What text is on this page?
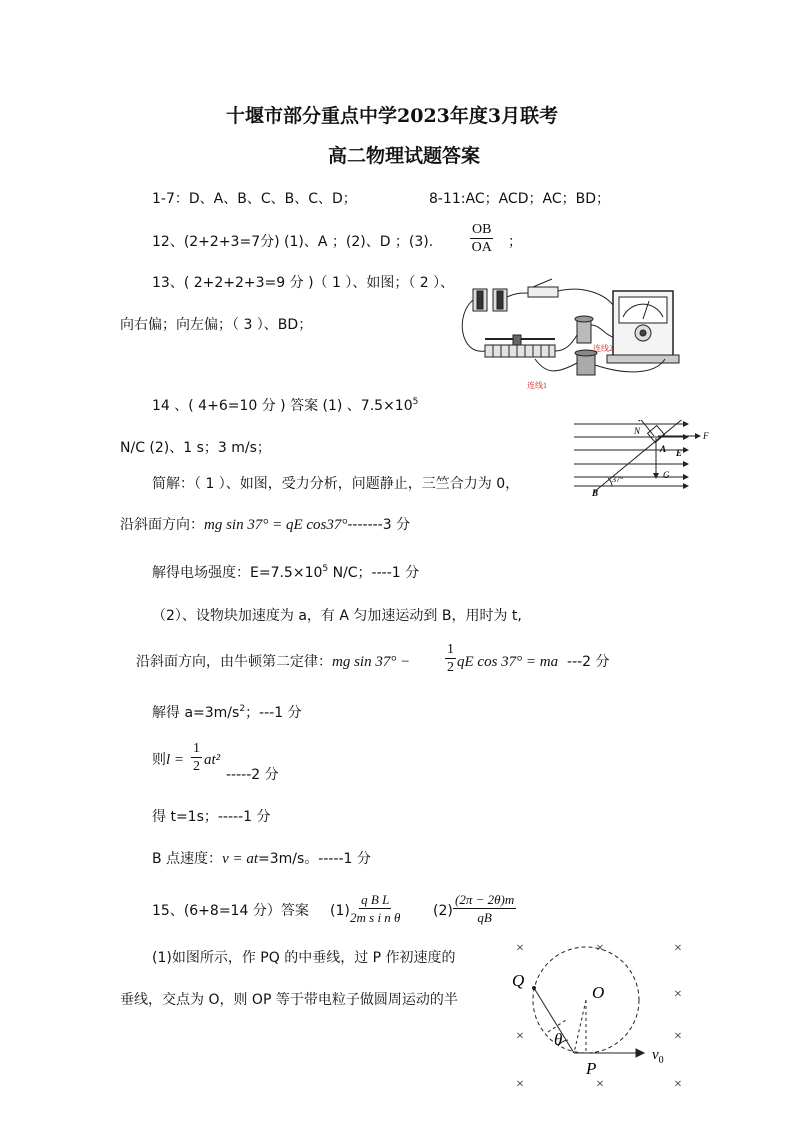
十堰市部分重点中学2023年度3月联考
高二物理试题答案
1-7：D、A、B、C、B、C、D；	8-11:AC；ACD；AC；BD；
12、(2+2+3=7分) (1)、A ；(2)、D ；(3).	$\frac{OB}{OA}$ ；
13、( 2+2+2+3=9 分 )（ 1 ）、如图；（ 2 ）、
向右偏；向左偏；（ 3 ）、BD；
连线2
连线1
14 、( 4+6=10 分 ) 答案 (1) 、$7.5\times 10^5$
N/C (2)、1 s；3 m/s；
简解：（ 1 ）、如图，受力分析，问题静止，三竺合力为 0，
N	F
A E
G
B
37°
沿斜面方向：mg sin 37° = qE cos37°-------3 分
解得电场强度：$E=7.5\times 10^5$ N/C；----1 分
（2）、设物块加速度为 a，有 A 匀加速运动到 B，用时为 t,
沿斜面方向，由牛顿第二定律：mg $\sin 37^\circ - \frac{1}{2}$ qE cos 37° = ma ---2 分
解得 $a=3m/s^2$；---1 分
则$l = \frac{1}{2} at^2$
-----2 分
得 t=1s；-----1 分
B 点速度：v = at=3m/s。-----1 分
15、(6+8=14 分）答案 $(1) \frac{\text{q B L}}{\text{2m s i n θ}} (2) \frac{(2\pi - 2\theta)m}{qB}$
(1)如图所示，作 PQ 的中垂线，过 P 作初速度的
垂线，交点为 O，则 OP 等于带电粒子做圆周运动的半
×	×	×
×
×	×
×	×	×
Q
O
θ
P
$v_0$
